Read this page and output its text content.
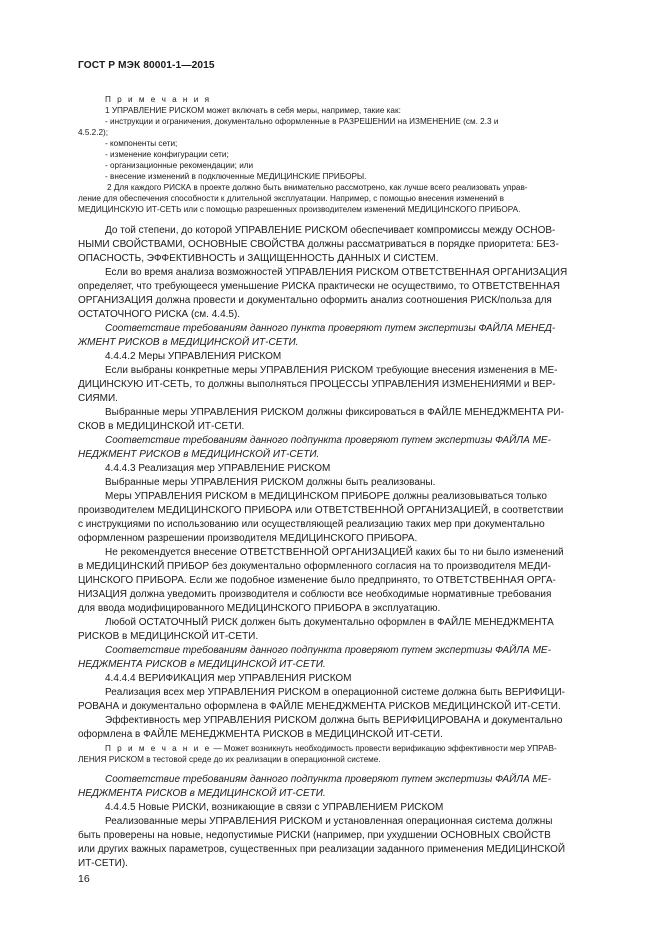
ГОСТ Р МЭК 80001-1—2015
П р и м е ч а н и я
1 УПРАВЛЕНИЕ РИСКОМ может включать в себя меры, например, такие как:
- инструкции и ограничения, документально оформленные в РАЗРЕШЕНИИ на ИЗМЕНЕНИЕ (см. 2.3 и
4.5.2.2);
- компоненты сети;
- изменение конфигурации сети;
- организационные рекомендации; или
- внесение изменений в подключенные МЕДИЦИНСКИЕ ПРИБОРЫ.
2 Для каждого РИСКА в проекте должно быть внимательно рассмотрено, как лучше всего реализовать управ-
ление для обеспечения способности к длительной эксплуатации. Например, с помощью внесения изменений в
МЕДИЦИНСКУЮ ИТ-СЕТЬ или с помощью разрешенных производителем изменений МЕДИЦИНСКОГО ПРИБОРА.
До той степени, до которой УПРАВЛЕНИЕ РИСКОМ обеспечивает компромиссы между ОСНОВ-
НЫМИ СВОЙСТВАМИ, ОСНОВНЫЕ СВОЙСТВА должны рассматриваться в порядке приоритета: БЕЗ-
ОПАСНОСТЬ, ЭФФЕКТИВНОСТЬ и ЗАЩИЩЕННОСТЬ ДАННЫХ И СИСТЕМ.
Если во время анализа возможностей УПРАВЛЕНИЯ РИСКОМ ОТВЕТСТВЕННАЯ ОРГАНИЗАЦИЯ
определяет, что требующееся уменьшение РИСКА практически не осуществимо, то ОТВЕТСТВЕННАЯ
ОРГАНИЗАЦИЯ должна провести и документально оформить анализ соотношения РИСК/польза для
ОСТАТОЧНОГО РИСКА (см. 4.4.5).
Соответствие требованиям данного пункта проверяют путем экспертизы ФАЙЛА МЕНЕД-
ЖМЕНТ РИСКОВ в МЕДИЦИНСКОЙ ИТ-СЕТИ.
4.4.4.2 Меры УПРАВЛЕНИЯ РИСКОМ
Если выбраны конкретные меры УПРАВЛЕНИЯ РИСКОМ требующие внесения изменения в МЕ-
ДИЦИНСКУЮ ИТ-СЕТЬ, то должны выполняться ПРОЦЕССЫ УПРАВЛЕНИЯ ИЗМЕНЕНИЯМИ и ВЕР-
СИЯМИ.
Выбранные меры УПРАВЛЕНИЯ РИСКОМ должны фиксироваться в ФАЙЛЕ МЕНЕДЖМЕНТА РИ-
СКОВ в МЕДИЦИНСКОЙ ИТ-СЕТИ.
Соответствие требованиям данного подпункта проверяют путем экспертизы ФАЙЛА МЕ-
НЕДЖМЕНТ РИСКОВ в МЕДИЦИНСКОЙ ИТ-СЕТИ.
4.4.4.3 Реализация мер УПРАВЛЕНИЕ РИСКОМ
Выбранные меры УПРАВЛЕНИЯ РИСКОМ должны быть реализованы.
Меры УПРАВЛЕНИЯ РИСКОМ в МЕДИЦИНСКОМ ПРИБОРЕ должны реализовываться только
производителем МЕДИЦИНСКОГО ПРИБОРА или ОТВЕТСТВЕННОЙ ОРГАНИЗАЦИЕЙ, в соответствии
с инструкциями по использованию или осуществляющей реализацию таких мер при документально
оформленном разрешении производителя МЕДИЦИНСКОГО ПРИБОРА.
Не рекомендуется внесение ОТВЕТСТВЕННОЙ ОРГАНИЗАЦИЕЙ каких бы то ни было изменений
в МЕДИЦИНСКИЙ ПРИБОР без документально оформленного согласия на то производителя МЕДИ-
ЦИНСКОГО ПРИБОРА. Если же подобное изменение было предпринято, то ОТВЕТСТВЕННАЯ ОРГА-
НИЗАЦИЯ должна уведомить производителя и соблюсти все необходимые нормативные требования
для ввода модифицированного МЕДИЦИНСКОГО ПРИБОРА в эксплуатацию.
Любой ОСТАТОЧНЫЙ РИСК должен быть документально оформлен в ФАЙЛЕ МЕНЕДЖМЕНТА
РИСКОВ в МЕДИЦИНСКОЙ ИТ-СЕТИ.
Соответствие требованиям данного подпункта проверяют путем экспертизы ФАЙЛА МЕ-
НЕДЖМЕНТА РИСКОВ в МЕДИЦИНСКОЙ ИТ-СЕТИ.
4.4.4.4 ВЕРИФИКАЦИЯ мер УПРАВЛЕНИЯ РИСКОМ
Реализация всех мер УПРАВЛЕНИЯ РИСКОМ в операционной системе должна быть ВЕРИФИЦИ-
РОВАНА и документально оформлена в ФАЙЛЕ МЕНЕДЖМЕНТА РИСКОВ МЕДИЦИНСКОЙ ИТ-СЕТИ.
Эффективность мер УПРАВЛЕНИЯ РИСКОМ должна быть ВЕРИФИЦИРОВАНА и документально
оформлена в ФАЙЛЕ МЕНЕДЖМЕНТА РИСКОВ в МЕДИЦИНСКОЙ ИТ-СЕТИ.
П р и м е ч а н и е — Может возникнуть необходимость провести верификацию эффективности мер УПРАВ-
ЛЕНИЯ РИСКОМ в тестовой среде до их реализации в операционной системе.
Соответствие требованиям данного подпункта проверяют путем экспертизы ФАЙЛА МЕ-
НЕДЖМЕНТА РИСКОВ в МЕДИЦИНСКОЙ ИТ-СЕТИ.
4.4.4.5 Новые РИСКИ, возникающие в связи с УПРАВЛЕНИЕМ РИСКОМ
Реализованные меры УПРАВЛЕНИЯ РИСКОМ и установленная операционная система должны
быть проверены на новые, недопустимые РИСКИ (например, при ухудшении ОСНОВНЫХ СВОЙСТВ
или других важных параметров, существенных при реализации заданного применения МЕДИЦИНСКОЙ
ИТ-СЕТИ).
16
